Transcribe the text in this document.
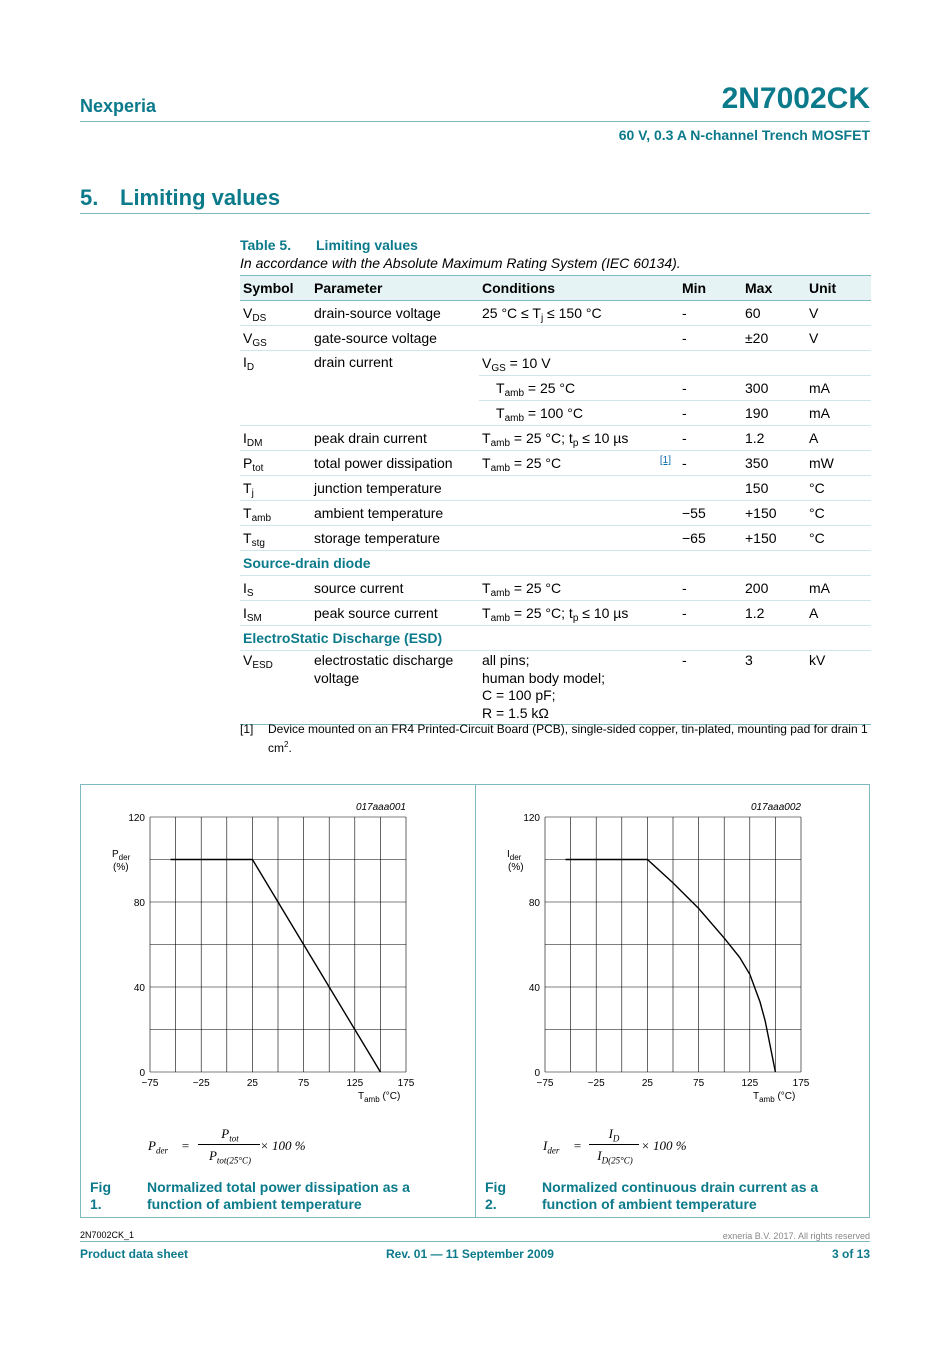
Nexperia	2N7002CK
60 V, 0.3 A N-channel Trench MOSFET
5. Limiting values
Table 5. Limiting values
In accordance with the Absolute Maximum Rating System (IEC 60134).
Symbol	Parameter	Conditions	Min	Max	Unit
$V_{DS}$	drain-source voltage	25 $^\circ C \le T_j \le 150$ °C	-	60	V
$V_{GS}$	gate-source voltage		-	±20	V
$I_D$	drain current	$V_{GS} = 10$ V			
		$T_{amb} = 25$ °C	-	300	mA
		$T_{amb} = 100$ °C	-	190	mA
$I_{DM}$	peak drain current	$T_{amb} = 25$ °C; $t_p \le 10$ µs	-	1.2	A
$P_{tot}$	total power dissipation	$T_{amb} = 25$ °C [1]	-	350	mW
$T_j$	junction temperature			150	°C
$T_{amb}$	ambient temperature		−55	+150	°C
$T_{stg}$	storage temperature		−65	+150	°C
Source-drain diode					
$I_S$	source current	$T_{amb} = 25$ °C	-	200	mA
$I_{SM}$	peak source current	$T_{amb} = 25$ °C; $t_p \le 10$ µs	-	1.2	A
ElectroStatic Discharge (ESD)					
$V_{ESD}$	electrostatic discharge voltage	all pins;
human body model;
C = 100 pF;
R = 1.5 kΩ	-	3	kV
[1] Device mounted on an FR4 Printed-Circuit Board (PCB), single-sided copper, tin-plated, mounting pad for drain 1 $cm^2$.
−75	−25	25	75	125	175
0
40
80
120
017aaa001
$P_{der}$
(%)
$T_{amb}$ (°C)
−75	−25	25	75	125	175
0
40
80
120
017aaa002
$I_{der}$
(%)
$T_{amb}$ (°C)
$P_{der}$ =
$P_{tot}$
$P_{tot(25^\circ C)}$
× 100 %	$I_{der}$ =
$I_D$
$I_{D(25^\circ C)}$
× 100 %
Fig 1.
Normalized total power dissipation as a function of ambient temperature
Fig 2.
Normalized continuous drain current as a function of ambient temperature
2N7002CK_1	exneria B.V. 2017. All rights reserved
Product data sheet	Rev. 01 — 11 September 2009	3 of 13
